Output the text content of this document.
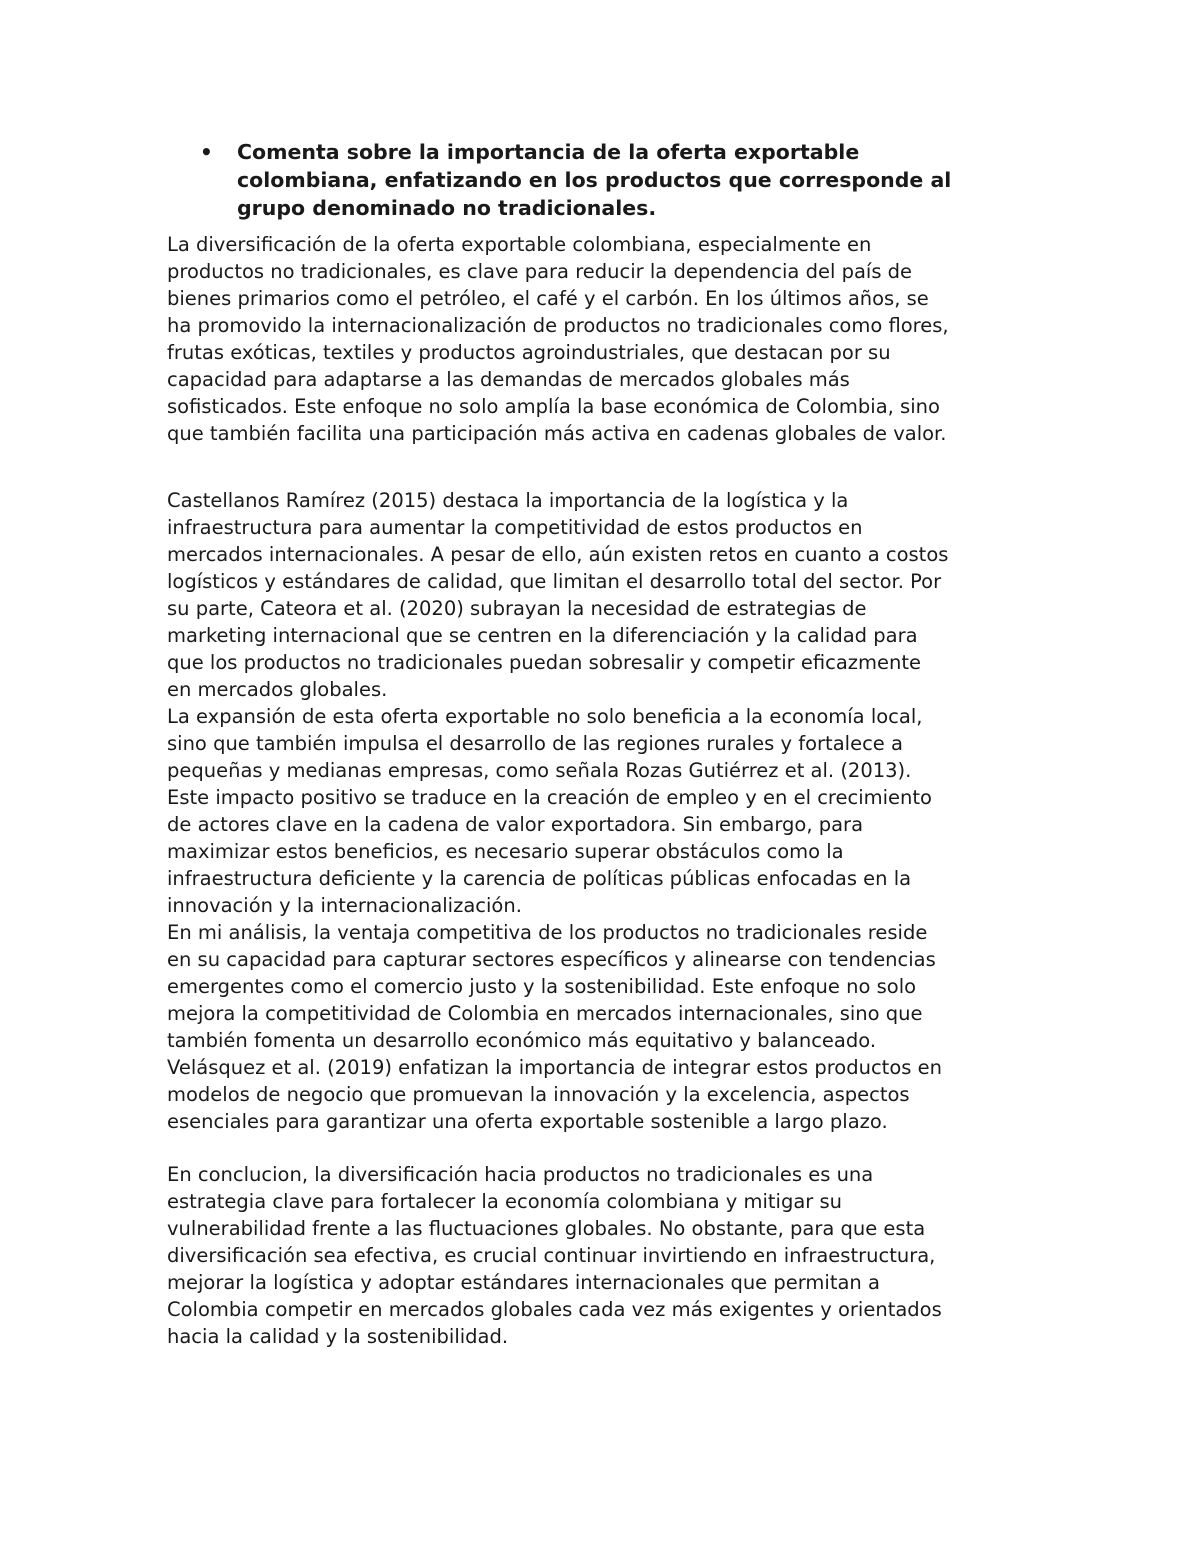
• Comenta sobre la importancia de la oferta exportable
colombiana, enfatizando en los productos que corresponde al
grupo denominado no tradicionales.

La diversificación de la oferta exportable colombiana, especialmente en
productos no tradicionales, es clave para reducir la dependencia del país de
bienes primarios como el petróleo, el café y el carbón. En los últimos años, se
ha promovido la internacionalización de productos no tradicionales como flores,
frutas exóticas, textiles y productos agroindustriales, que destacan por su
capacidad para adaptarse a las demandas de mercados globales más
sofisticados. Este enfoque no solo amplía la base económica de Colombia, sino
que también facilita una participación más activa en cadenas globales de valor.

Castellanos Ramírez (2015) destaca la importancia de la logística y la
infraestructura para aumentar la competitividad de estos productos en
mercados internacionales. A pesar de ello, aún existen retos en cuanto a costos
logísticos y estándares de calidad, que limitan el desarrollo total del sector. Por
su parte, Cateora et al. (2020) subrayan la necesidad de estrategias de
marketing internacional que se centren en la diferenciación y la calidad para
que los productos no tradicionales puedan sobresalir y competir eficazmente
en mercados globales.
La expansión de esta oferta exportable no solo beneficia a la economía local,
sino que también impulsa el desarrollo de las regiones rurales y fortalece a
pequeñas y medianas empresas, como señala Rozas Gutiérrez et al. (2013).
Este impacto positivo se traduce en la creación de empleo y en el crecimiento
de actores clave en la cadena de valor exportadora. Sin embargo, para
maximizar estos beneficios, es necesario superar obstáculos como la
infraestructura deficiente y la carencia de políticas públicas enfocadas en la
innovación y la internacionalización.
En mi análisis, la ventaja competitiva de los productos no tradicionales reside
en su capacidad para capturar sectores específicos y alinearse con tendencias
emergentes como el comercio justo y la sostenibilidad. Este enfoque no solo
mejora la competitividad de Colombia en mercados internacionales, sino que
también fomenta un desarrollo económico más equitativo y balanceado.
Velásquez et al. (2019) enfatizan la importancia de integrar estos productos en
modelos de negocio que promuevan la innovación y la excelencia, aspectos
esenciales para garantizar una oferta exportable sostenible a largo plazo.

En conclucion, la diversificación hacia productos no tradicionales es una
estrategia clave para fortalecer la economía colombiana y mitigar su
vulnerabilidad frente a las fluctuaciones globales. No obstante, para que esta
diversificación sea efectiva, es crucial continuar invirtiendo en infraestructura,
mejorar la logística y adoptar estándares internacionales que permitan a
Colombia competir en mercados globales cada vez más exigentes y orientados
hacia la calidad y la sostenibilidad.
